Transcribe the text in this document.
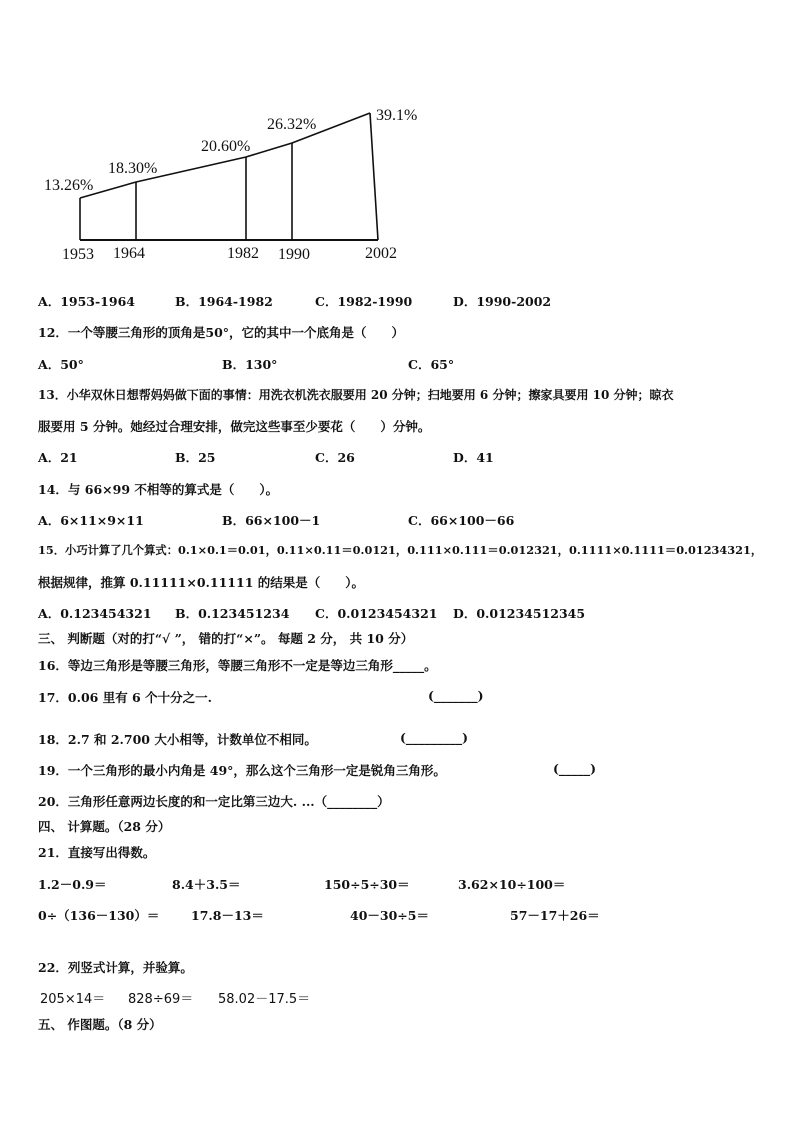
13.26%
1953
18.30%
1964
20.60%
1982
26.32%
1990
39.1%
2002
A．1953-1964	B．1964-1982	C．1982-1990	D．1990-2002
12．一个等腰三角形的顶角是50°，它的其中一个底角是（　　）
A．50°	B．130°	C．65°
13．小华双休日想帮妈妈做下面的事情：用洗衣机洗衣服要用 20 分钟；扫地要用 6 分钟；擦家具要用 10 分钟；晾衣
服要用 5 分钟。她经过合理安排，做完这些事至少要花（　　）分钟。
A．21	B．25	C．26	D．41
14．与 66×99 不相等的算式是（　　）。
A．6×11×9×11	B．66×100－1	C．66×100－66
15．小巧计算了几个算式：0.1×0.1＝0.01，0.11×0.11＝0.0121，0.111×0.111＝0.012321，0.1111×0.1111＝0.01234321，
根据规律，推算 0.11111×0.11111 的结果是（　　）。
A．0.123454321 B．0.123451234 C．0.0123454321 D．0.01234512345
三、 判断题（对的打“√ ”， 错的打“×”。 每题 2 分， 共 10 分）
16．等边三角形是等腰三角形，等腰三角形不一定是等边三角形_____。
17．0.06 里有 6 个十分之一.	(_______)
18．2.7 和 2.700 大小相等，计数单位不相同。	(_________)
19．一个三角形的最小内角是 49°，那么这个三角形一定是锐角三角形。	(_____)
20．三角形任意两边长度的和一定比第三边大. ...（________）
四、 计算题。（28 分）
21．直接写出得数。
1.2－0.9＝	8.4＋3.5＝	150÷5÷30＝	3.62×10÷100＝
0÷（136－130）＝	17.8－13＝	40－30÷5＝	57－17＋26＝
22．列竖式计算，并验算。
205×14＝ 828÷69＝ 58.02－17.5＝
五、 作图题。（8 分）
